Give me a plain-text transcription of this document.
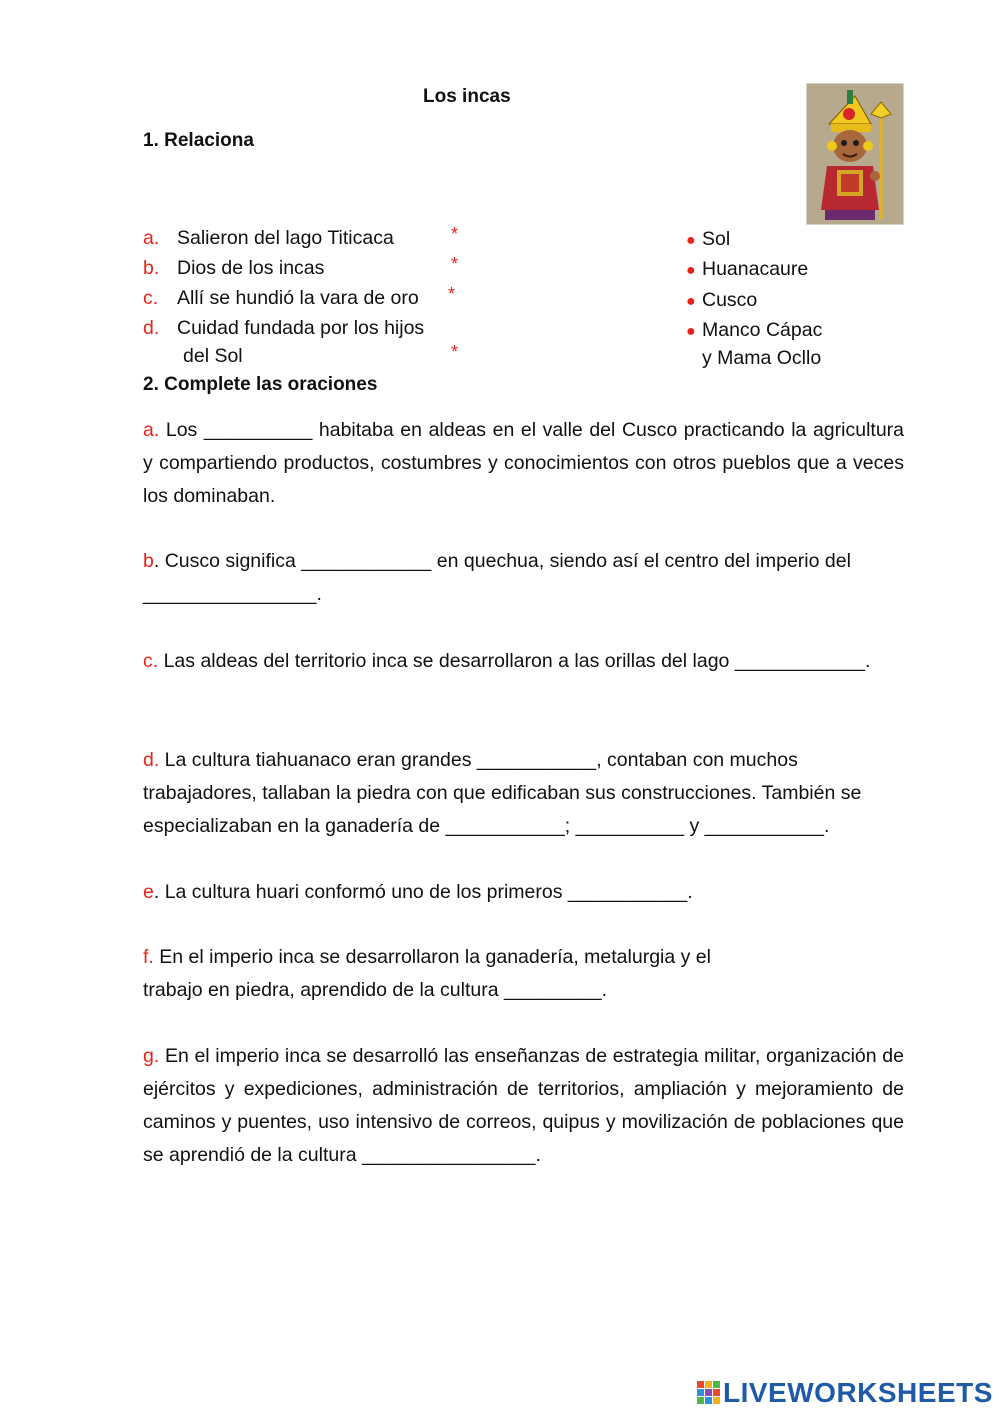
Los incas
1. Relaciona
a. Salieron del lago Titicaca
b. Dios de los incas
c. Allí se hundió la vara de oro
d. Cuidad fundada por los hijos
del Sol
*
*
*
*
● Sol
● Huanacaure
● Cusco
● Manco Cápac
y Mama Ocllo
2. Complete las oraciones
a. Los __________ habitaba en aldeas en el valle del Cusco practicando la agricultura y compartiendo productos, costumbres y conocimientos con otros pueblos que a veces los dominaban.
b. Cusco significa ____________ en quechua, siendo así el centro del imperio del ________________.
c. Las aldeas del territorio inca se desarrollaron a las orillas del lago ____________.
d. La cultura tiahuanaco eran grandes ___________, contaban con muchos
trabajadores, tallaban la piedra con que edificaban sus construcciones. También se especializaban en la ganadería de ___________; __________ y ___________.
e. La cultura huari conformó uno de los primeros ___________.
f. En el imperio inca se desarrollaron la ganadería, metalurgia y el
trabajo en piedra, aprendido de la cultura _________.
g. En el imperio inca se desarrolló las enseñanzas de estrategia militar, organización de ejércitos y expediciones, administración de territorios, ampliación y mejoramiento de caminos y puentes, uso intensivo de correos, quipus y movilización de poblaciones que se aprendió de la cultura ________________.
LIVEWORKSHEETS
